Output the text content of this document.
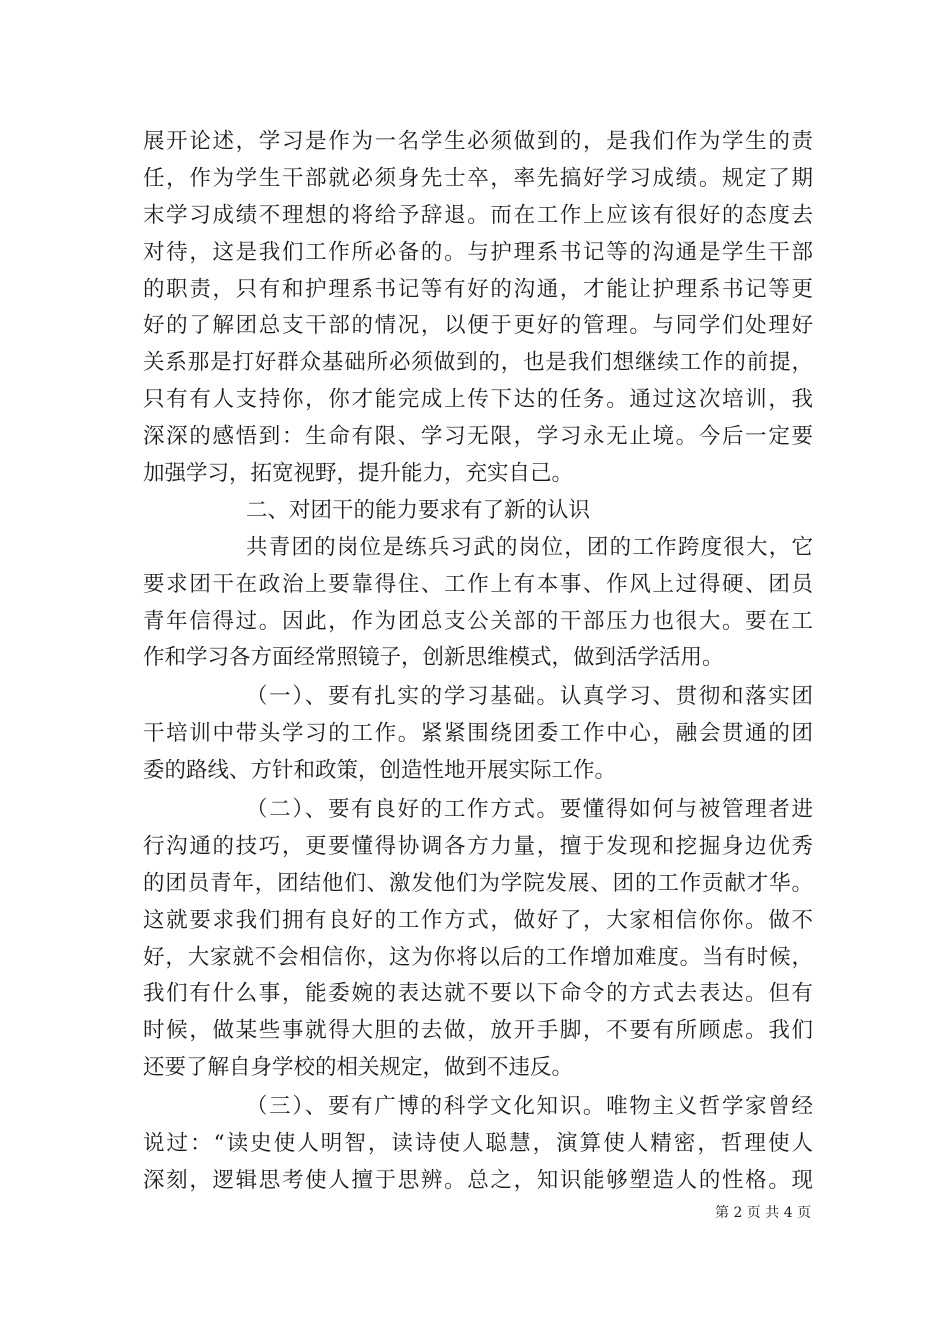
展开论述，学习是作为一名学生必须做到的，是我们作为学生的责
任，作为学生干部就必须身先士卒，率先搞好学习成绩。规定了期
末学习成绩不理想的将给予辞退。而在工作上应该有很好的态度去
对待，这是我们工作所必备的。与护理系书记等的沟通是学生干部
的职责，只有和护理系书记等有好的沟通，才能让护理系书记等更
好的了解团总支干部的情况，以便于更好的管理。与同学们处理好
关系那是打好群众基础所必须做到的，也是我们想继续工作的前提，
只有有人支持你，你才能完成上传下达的任务。通过这次培训，我
深深的感悟到：生命有限、学习无限，学习永无止境。今后一定要
加强学习，拓宽视野，提升能力，充实自己。
二、对团干的能力要求有了新的认识
共青团的岗位是练兵习武的岗位，团的工作跨度很大，它
要求团干在政治上要靠得住、工作上有本事、作风上过得硬、团员
青年信得过。因此，作为团总支公关部的干部压力也很大。要在工
作和学习各方面经常照镜子，创新思维模式，做到活学活用。
（一）、要有扎实的学习基础。认真学习、贯彻和落实团
干培训中带头学习的工作。紧紧围绕团委工作中心，融会贯通的团
委的路线、方针和政策，创造性地开展实际工作。
（二）、要有良好的工作方式。要懂得如何与被管理者进
行沟通的技巧，更要懂得协调各方力量，擅于发现和挖掘身边优秀
的团员青年，团结他们、激发他们为学院发展、团的工作贡献才华。
这就要求我们拥有良好的工作方式，做好了，大家相信你你。做不
好，大家就不会相信你，这为你将以后的工作增加难度。当有时候，
我们有什么事，能委婉的表达就不要以下命令的方式去表达。但有
时候，做某些事就得大胆的去做，放开手脚，不要有所顾虑。我们
还要了解自身学校的相关规定，做到不违反。
（三）、要有广博的科学文化知识。唯物主义哲学家曾经
说过：“读史使人明智，读诗使人聪慧，演算使人精密，哲理使人
深刻，逻辑思考使人擅于思辨。总之，知识能够塑造人的性格。现
第 2 页 共 4 页
